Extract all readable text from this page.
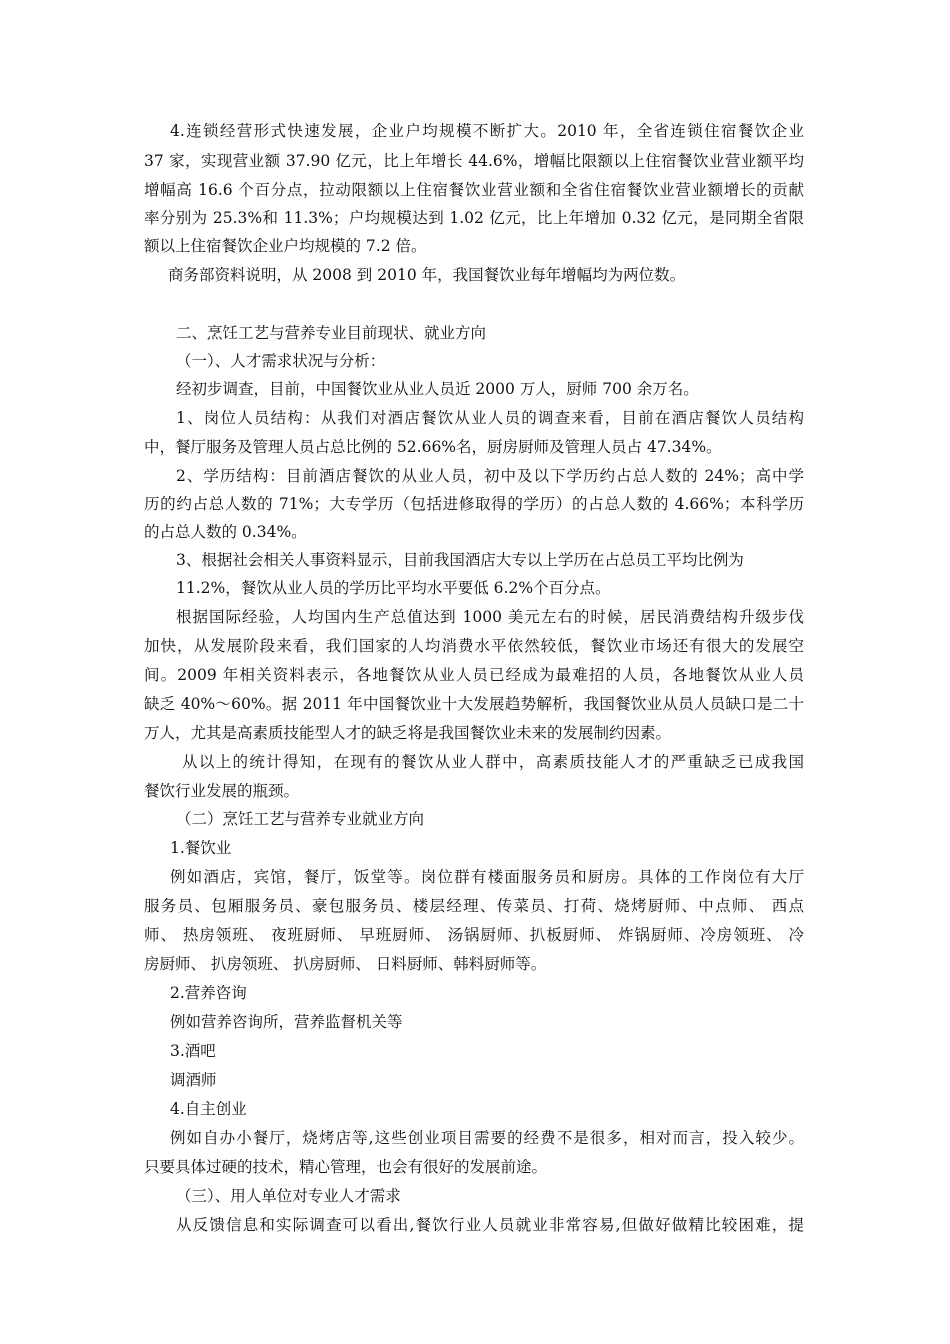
4.连锁经营形式快速发展，企业户均规模不断扩大。2010 年，全省连锁住宿餐饮企业
37 家，实现营业额 37.90 亿元，比上年增长 44.6%，增幅比限额以上住宿餐饮业营业额平均
增幅高 16.6 个百分点，拉动限额以上住宿餐饮业营业额和全省住宿餐饮业营业额增长的贡献
率分别为 25.3%和 11.3%；户均规模达到 1.02 亿元，比上年增加 0.32 亿元，是同期全省限
额以上住宿餐饮企业户均规模的 7.2 倍。
商务部资料说明，从 2008 到 2010 年，我国餐饮业每年增幅均为两位数。
二、烹饪工艺与营养专业目前现状、就业方向
（一）、人才需求状况与分析：
经初步调查，目前，中国餐饮业从业人员近 2000 万人，厨师 700 余万名。
1、岗位人员结构：从我们对酒店餐饮从业人员的调查来看，目前在酒店餐饮人员结构
中，餐厅服务及管理人员占总比例的 52.66%名，厨房厨师及管理人员占 47.34%。
2、学历结构：目前酒店餐饮的从业人员，初中及以下学历约占总人数的 24%；高中学
历的约占总人数的 71%；大专学历（包括进修取得的学历）的占总人数的 4.66%；本科学历
的占总人数的 0.34%。
3、根据社会相关人事资料显示，目前我国酒店大专以上学历在占总员工平均比例为
11.2%，餐饮从业人员的学历比平均水平要低 6.2%个百分点。
根据国际经验，人均国内生产总值达到 1000 美元左右的时候，居民消费结构升级步伐
加快，从发展阶段来看，我们国家的人均消费水平依然较低，餐饮业市场还有很大的发展空
间。2009 年相关资料表示，各地餐饮从业人员已经成为最难招的人员，各地餐饮从业人员
缺乏 40%～60%。据 2011 年中国餐饮业十大发展趋势解析，我国餐饮业从员人员缺口是二十
万人，尤其是高素质技能型人才的缺乏将是我国餐饮业未来的发展制约因素。
从以上的统计得知，在现有的餐饮从业人群中，高素质技能人才的严重缺乏已成我国
餐饮行业发展的瓶颈。
（二）烹饪工艺与营养专业就业方向
1.餐饮业
例如酒店，宾馆，餐厅，饭堂等。岗位群有楼面服务员和厨房。具体的工作岗位有大厅
服务员、包厢服务员、豪包服务员、楼层经理、传菜员、打荷、烧烤厨师、中点师、 西点
师、 热房领班、 夜班厨师、 早班厨师、 汤锅厨师、扒板厨师、 炸锅厨师、冷房领班、 冷
房厨师、 扒房领班、 扒房厨师、 日料厨师、韩料厨师等。
2.营养咨询
例如营养咨询所，营养监督机关等
3.酒吧
调酒师
4.自主创业
例如自办小餐厅，烧烤店等,这些创业项目需要的经费不是很多，相对而言，投入较少。
只要具体过硬的技术，精心管理，也会有很好的发展前途。
（三）、用人单位对专业人才需求
从反馈信息和实际调查可以看出,餐饮行业人员就业非常容易,但做好做精比较困难，提
